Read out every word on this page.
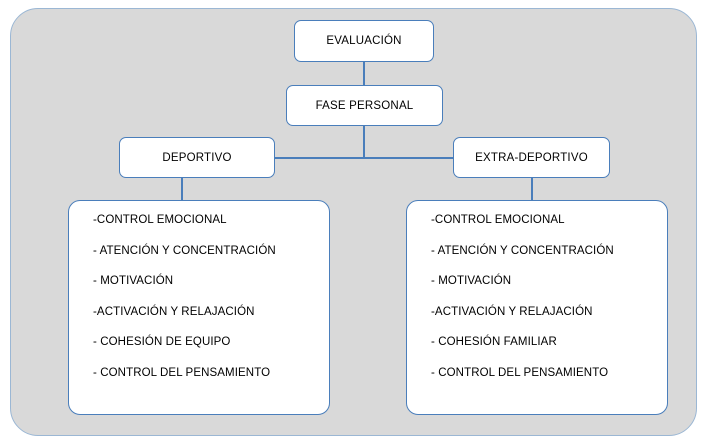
EVALUACIÓN
FASE PERSONAL
DEPORTIVO	EXTRA-DEPORTIVO
-CONTROL EMOCIONAL
- ATENCIÓN Y CONCENTRACIÓN
- MOTIVACIÓN
-ACTIVACIÓN Y RELAJACIÓN
- COHESIÓN DE EQUIPO
- CONTROL DEL PENSAMIENTO
-CONTROL EMOCIONAL
- ATENCIÓN Y CONCENTRACIÓN
- MOTIVACIÓN
-ACTIVACIÓN Y RELAJACIÓN
- COHESIÓN FAMILIAR
- CONTROL DEL PENSAMIENTO
